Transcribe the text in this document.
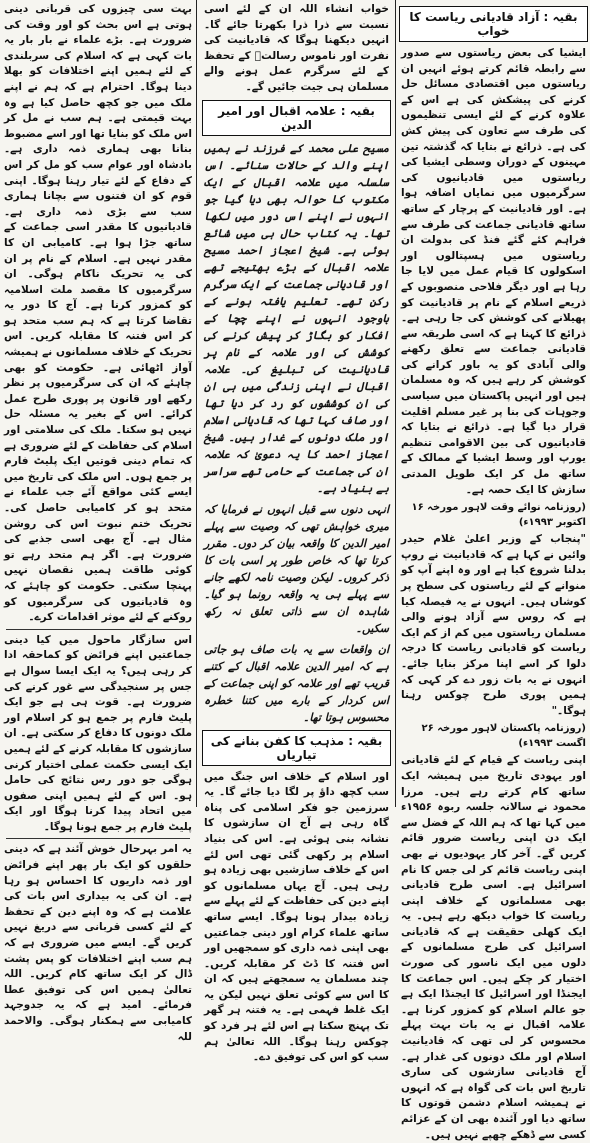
بقیہ : آزاد قادیانی ریاست کا خواب

ایشیا کی بعض ریاستوں سے صدور سے رابطہ قائم کرتے ہوئے انہیں ان ریاستوں میں اقتصادی مسائل حل کرنے کی پیشکش کی ہے اس کے علاوہ کرنے کے لئے ایسی تنظیموں کی طرف سے تعاون کی پیش کش کی ہے۔ ذرائع نے بتایا کہ گذشتہ تین مہینوں کے دوران وسطی ایشیا کی ریاستوں میں قادیانیوں کی سرگرمیوں میں نمایاں اضافہ ہوا ہے۔ اور قادیانیت کے پرچار کے ساتھ ساتھ قادیانی جماعت کی طرف سے فراہم کئے گئے فنڈ کی بدولت ان ریاستوں میں ہسپتالوں اور اسکولوں کا قیام عمل میں لایا جا رہا ہے اور دیگر فلاحی منصوبوں کے ذریعے اسلام کے نام پر قادیانیت کو پھیلانے کی کوشش کی جا رہی ہے۔ ذرائع کا کہنا ہے کہ اسی طریقہ سے قادیانی جماعت سے تعلق رکھنے والی آبادی کو یہ باور کرانے کی کوشش کر رہے ہیں کہ وہ مسلمان ہیں اور انہیں پاکستان میں سیاسی وجوہات کی بنا پر غیر مسلم اقلیت قرار دیا گیا ہے۔ ذرائع نے بتایا کہ قادیانیوں کی بین الاقوامی تنظیم یورپ اور وسط ایشیا کے ممالک کے ساتھ مل کر ایک طویل المدتی سازش کا ایک حصہ ہے۔

(روزنامہ نوائے وقت لاہور مورخہ ۱۶ اکتوبر ۱۹۹۳ء)

"پنجاب کے وزیر اعلیٰ غلام حیدر وائیں نے کہا ہے کہ قادیانیت نے روپ بدلنا شروع کیا ہے اور وہ اپنے آپ کو منوانے کے لئے ریاستوں کی سطح پر کوشاں ہیں۔ انہوں نے یہ فیصلہ کیا ہے کہ روس سے آزاد ہونے والی مسلمان ریاستوں میں کم از کم ایک ریاست کو قادیانی ریاست کا درجہ دلوا کر اسے اپنا مرکز بنایا جائے۔ انہوں نے یہ بات زور دے کر کہی کہ ہمیں پوری طرح چوکس رہنا ہوگا۔"

(روزنامہ پاکستان لاہور مورخہ ۲۶ اگست ۱۹۹۳ء)

اپنی ریاست کے قیام کے لئے قادیانی اور یہودی تاریخ میں ہمیشہ ایک ساتھ کام کرتے رہے ہیں۔ مرزا محمود نے سالانہ جلسہ ربوہ ۱۹۵۶ء میں کہا تھا کہ ہم اللہ کے فضل سے ایک دن اپنی ریاست ضرور قائم کریں گے۔ آخر کار یہودیوں نے بھی اپنی ریاست قائم کر لی جس کا نام اسرائیل ہے۔ اسی طرح قادیانی بھی مسلمانوں کے خلاف اپنی ریاست کا خواب دیکھ رہے ہیں۔ یہ ایک کھلی حقیقت ہے کہ قادیانی اسرائیل کی طرح مسلمانوں کے دلوں میں ایک ناسور کی صورت اختیار کر چکے ہیں۔ اس جماعت کا ایجنڈا اور اسرائیل کا ایجنڈا ایک ہے جو عالم اسلام کو کمزور کرنا ہے۔ علامہ اقبال نے یہ بات بہت پہلے محسوس کر لی تھی کہ قادیانیت اسلام اور ملک دونوں کی غدار ہے۔ آج قادیانی سازشوں کی ساری تاریخ اس بات کی گواہ ہے کہ انہوں نے ہمیشہ اسلام دشمن قوتوں کا ساتھ دیا اور آئندہ بھی ان کے عزائم کسی سے ڈھکے چھپے نہیں ہیں۔

خواب انشاء اللہ ان کے لئے اسی نسبت سے ذرا ذرا بکھرتا جائے گا۔ انہیں دیکھنا ہوگا کہ قادیانیت کی نفرت اور ناموس رسالتؐ کے تحفظ کے لئے سرگرم عمل ہونے والے مسلمان ہی جیت جائیں گے۔

بقیہ : علامہ اقبال اور امیر الدین

مسیح علی محمد کے فرزند نے ہمیں اپنے والد کے حالات سنائے۔ اس سلسلہ میں علامہ اقبال کے ایک مکتوب کا حوالہ بھی دیا گیا جو انہوں نے اپنے اس دور میں لکھا تھا۔ یہ کتاب حال ہی میں شائع ہوئی ہے۔ شیخ اعجاز احمد مسیح علامہ اقبال کے بڑے بھتیجے تھے اور قادیانی جماعت کے ایک سرگرم رکن تھے۔ تعلیم یافتہ ہونے کے باوجود انہوں نے اپنے چچا کے افکار کو بگاڑ کر پیش کرنے کی کوشش کی اور علامہ کے نام پر قادیانیت کی تبلیغ کی۔ علامہ اقبال نے اپنی زندگی میں ہی ان کی ان کوششوں کو رد کر دیا تھا اور صاف کہا تھا کہ قادیانی اسلام اور ملک دونوں کے غدار ہیں۔ شیخ اعجاز احمد کا یہ دعویٰ کہ علامہ ان کی جماعت کے حامی تھے سراسر بے بنیاد ہے۔

انہی دنوں سے قبل انہوں نے فرمایا کہ میری خواہش تھی کہ وصیت سے پہلے امیر الدین کا واقعہ بیان کر دوں۔ مقرر کرتا تھا کہ خاص طور پر اسی بات کا ذکر کروں۔ لیکن وصیت نامہ لکھے جانے سے پہلے ہی یہ واقعہ رونما ہو گیا۔ شاہدہ ان سے ذاتی تعلق نہ رکھ سکیں۔

ان واقعات سے یہ بات صاف ہو جاتی ہے کہ امیر الدین علامہ اقبال کے کتنے قریب تھے اور علامہ کو اپنی جماعت کے اس کردار کے بارے میں کتنا خطرہ محسوس ہوتا تھا۔

بقیہ : مذہب کا کفن بنانے کی تیاریاں

اور اسلام کے خلاف اس جنگ میں سب کچھ داؤ پر لگا دیا جائے گا۔ یہ سرزمین جو فکر اسلامی کی پناہ گاہ رہی ہے آج ان سازشوں کا نشانہ بنی ہوئی ہے۔ اس کی بنیاد اسلام پر رکھی گئی تھی اس لئے اس کے خلاف سازشیں بھی زیادہ ہو رہی ہیں۔ آج یہاں مسلمانوں کو اپنے دین کی حفاظت کے لئے پہلے سے زیادہ بیدار ہونا ہوگا۔ ایسے ساتھ ساتھ علماء کرام اور دینی جماعتیں بھی اپنی ذمہ داری کو سمجھیں اور اس فتنہ کا ڈٹ کر مقابلہ کریں۔ چند مسلمان یہ سمجھتے ہیں کہ ان کا اس سے کوئی تعلق نہیں لیکن یہ ایک غلط فہمی ہے۔ یہ فتنہ ہر گھر تک پہنچ سکتا ہے اس لئے ہر فرد کو چوکس رہنا ہوگا۔ اللہ تعالیٰ ہم سب کو اس کی توفیق دے۔

بہت سی چیزوں کی قربانی دینی ہوتی ہے اس بحث کو اور وقت کی ضرورت ہے۔ بڑے علماء نے بار بار یہ بات کہی ہے کہ اسلام کی سربلندی کے لئے ہمیں اپنے اختلافات کو بھلا دینا ہوگا۔ احترام ہے کہ ہم نے اپنے ملک میں جو کچھ حاصل کیا ہے وہ بہت قیمتی ہے۔ ہم سب نے مل کر اس ملک کو بنایا تھا اور اسے مضبوط بنانا بھی ہماری ذمہ داری ہے۔ بادشاہ اور عوام سب کو مل کر اس کے دفاع کے لئے تیار رہنا ہوگا۔ اپنی قوم کو ان فتنوں سے بچانا ہماری سب سے بڑی ذمہ داری ہے۔ قادیانیوں کا مقدر اسی جماعت کے ساتھ جڑا ہوا ہے۔ کامیابی ان کا مقدر نہیں ہے۔ اسلام کے نام پر ان کی یہ تحریک ناکام ہوگی۔ ان سرگرمیوں کا مقصد ملت اسلامیہ کو کمزور کرنا ہے۔ آج کا دور یہ تقاضا کرتا ہے کہ ہم سب متحد ہو کر اس فتنہ کا مقابلہ کریں۔ اس تحریک کے خلاف مسلمانوں نے ہمیشہ آواز اٹھائی ہے۔ حکومت کو بھی چاہئے کہ ان کی سرگرمیوں پر نظر رکھے اور قانون پر پوری طرح عمل کرائے۔ اس کے بغیر یہ مسئلہ حل نہیں ہو سکتا۔ ملک کی سلامتی اور اسلام کی حفاظت کے لئے ضروری ہے کہ تمام دینی قوتیں ایک پلیٹ فارم پر جمع ہوں۔ اس ملک کی تاریخ میں ایسے کئی مواقع آئے جب علماء نے متحد ہو کر کامیابی حاصل کی۔ تحریک ختم نبوت اس کی روشن مثال ہے۔ آج بھی اسی جذبے کی ضرورت ہے۔ اگر ہم متحد رہے تو کوئی طاقت ہمیں نقصان نہیں پہنچا سکتی۔ حکومت کو چاہئے کہ وہ قادیانیوں کی سرگرمیوں کو روکنے کے لئے موثر اقدامات کرے۔

اس سازگار ماحول میں کیا دینی جماعتیں اپنے فرائض کو کماحقہ ادا کر رہی ہیں؟ یہ ایک ایسا سوال ہے جس پر سنجیدگی سے غور کرنے کی ضرورت ہے۔ قوت ہی ہے جو ایک پلیٹ فارم پر جمع ہو کر اسلام اور ملک دونوں کا دفاع کر سکتی ہے۔ ان سازشوں کا مقابلہ کرنے کے لئے ہمیں ایک ایسی حکمت عملی اختیار کرنی ہوگی جو دور رس نتائج کی حامل ہو۔ اس کے لئے ہمیں اپنی صفوں میں اتحاد پیدا کرنا ہوگا اور ایک پلیٹ فارم پر جمع ہونا ہوگا۔

یہ امر بہرحال خوش آئند ہے کہ دینی حلقوں کو ایک بار پھر اپنے فرائض اور ذمہ داریوں کا احساس ہو رہا ہے۔ ان کی یہ بیداری اس بات کی علامت ہے کہ وہ اپنے دین کے تحفظ کے لئے کسی قربانی سے دریغ نہیں کریں گے۔ ایسے میں ضروری ہے کہ ہم سب اپنے اختلافات کو پس پشت ڈال کر ایک ساتھ کام کریں۔ اللہ تعالیٰ ہمیں اس کی توفیق عطا فرمائے۔ امید ہے کہ یہ جدوجہد کامیابی سے ہمکنار ہوگی۔ والاحمد للہ
